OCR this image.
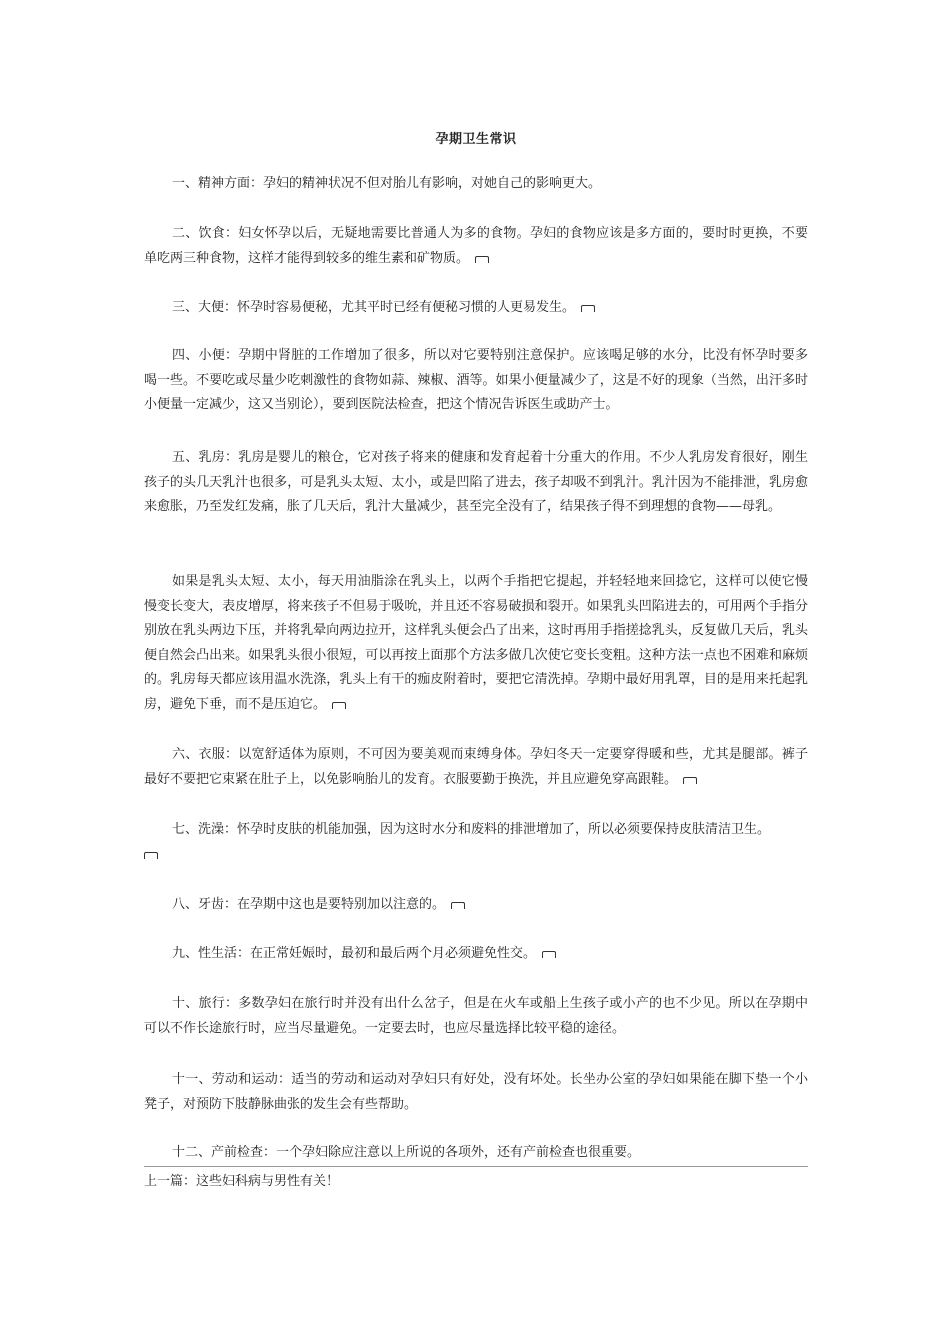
孕期卫生常识

一、精神方面：孕妇的精神状况不但对胎儿有影响，对她自己的影响更大。

二、饮食：妇女怀孕以后，无疑地需要比普通人为多的食物。孕妇的食物应该是多方面的，要时时更换，不要单吃两三种食物，这样才能得到较多的维生素和矿物质。

三、大便：怀孕时容易便秘，尤其平时已经有便秘习惯的人更易发生。

四、小便：孕期中肾脏的工作增加了很多，所以对它要特别注意保护。应该喝足够的水分，比没有怀孕时要多喝一些。不要吃或尽量少吃刺激性的食物如蒜、辣椒、酒等。如果小便量减少了，这是不好的现象（当然，出汗多时小便量一定减少，这又当别论），要到医院法检查，把这个情况告诉医生或助产士。

五、乳房：乳房是婴儿的粮仓，它对孩子将来的健康和发育起着十分重大的作用。不少人乳房发育很好，刚生孩子的头几天乳汁也很多，可是乳头太短、太小，或是凹陷了进去，孩子却吸不到乳汁。乳汁因为不能排泄，乳房愈来愈胀，乃至发红发痛，胀了几天后，乳汁大量减少，甚至完全没有了，结果孩子得不到理想的食物——母乳。

如果是乳头太短、太小，每天用油脂涂在乳头上，以两个手指把它提起，并轻轻地来回捻它，这样可以使它慢慢变长变大，表皮增厚，将来孩子不但易于吸吮，并且还不容易破损和裂开。如果乳头凹陷进去的，可用两个手指分别放在乳头两边下压，并将乳晕向两边拉开，这样乳头便会凸了出来，这时再用手指搓捻乳头，反复做几天后，乳头便自然会凸出来。如果乳头很小很短，可以再按上面那个方法多做几次使它变长变粗。这种方法一点也不困难和麻烦的。乳房每天都应该用温水洗涤，乳头上有干的痂皮附着时，要把它清洗掉。孕期中最好用乳罩，目的是用来托起乳房，避免下垂，而不是压迫它。

六、衣服：以宽舒适体为原则，不可因为要美观而束缚身体。孕妇冬天一定要穿得暖和些，尤其是腿部。裤子最好不要把它束紧在肚子上，以免影响胎儿的发育。衣服要勤于换洗，并且应避免穿高跟鞋。

七、洗澡：怀孕时皮肤的机能加强，因为这时水分和废料的排泄增加了，所以必须要保持皮肤清洁卫生。

八、牙齿：在孕期中这也是要特别加以注意的。

九、性生活：在正常妊娠时，最初和最后两个月必须避免性交。

十、旅行：多数孕妇在旅行时并没有出什么岔子，但是在火车或船上生孩子或小产的也不少见。所以在孕期中可以不作长途旅行时，应当尽量避免。一定要去时，也应尽量选择比较平稳的途径。

十一、劳动和运动：适当的劳动和运动对孕妇只有好处，没有坏处。长坐办公室的孕妇如果能在脚下垫一个小凳子，对预防下肢静脉曲张的发生会有些帮助。

十二、产前检查：一个孕妇除应注意以上所说的各项外，还有产前检查也很重要。

上一篇：这些妇科病与男性有关！
